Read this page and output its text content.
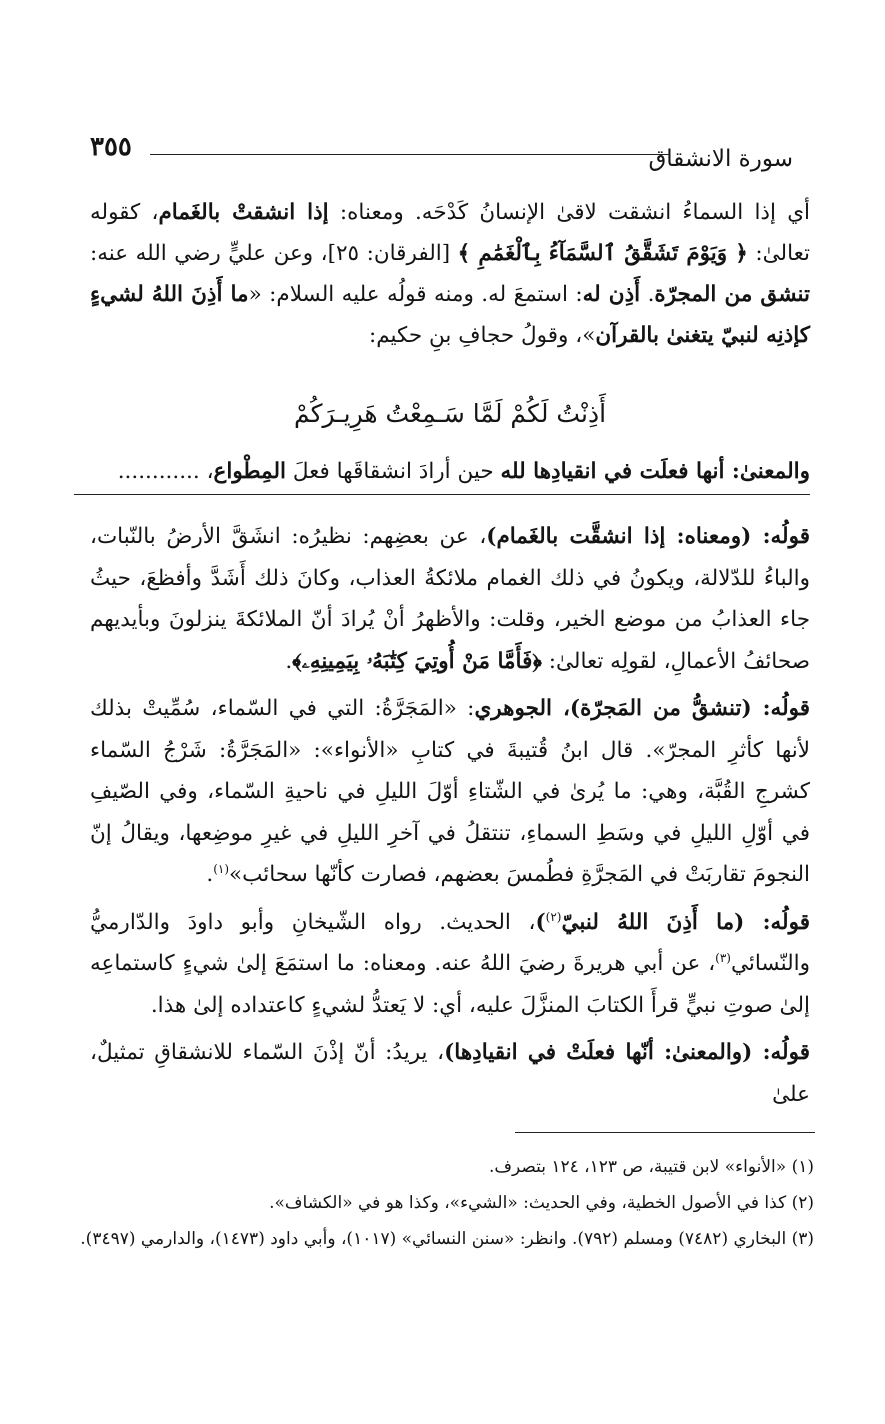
سورة الانشقاق
٣٥٥

أي إذا السماءُ انشقت لاقىٰ الإنسانُ كَدْحَه. ومعناه: إذا انشقتْ بالغَمام، كقوله تعالىٰ: ﴿ وَيَوْمَ تَشَقَّقُ ٱلسَّمَآءُ بِٱلْغَمَٰمِ ﴾ [الفرقان: ٢٥]، وعن عليٍّ رضي الله عنه: تنشق من المجرّة. أَذِن له: استمعَ له. ومنه قولُه عليه السلام: «ما أَذِنَ اللهُ لشيءٍ كإذنِه لنبيّ يتغنىٰ بالقرآن»، وقولُ حجافِ بنِ حكيم:

أَذِنْتُ لَكُمْ لَمَّا سَـمِعْتُ هَرِيـرَكُمْ
والمعنىٰ: أنها فعلَت في انقيادِها لله حين أرادَ انشقاقَها فعلَ المِطْواع، ............

قولُه: (ومعناه: إذا انشقَّت بالغَمام)، عن بعضِهم: نظيرُه: انشَقَّ الأرضُ بالنّبات، والباءُ للدّلالة، ويكونُ في ذلك الغمام ملائكةُ العذاب، وكانَ ذلك أَشَدَّ وأفظعَ، حيثُ جاء العذابُ من موضع الخير، وقلت: والأظهرُ أنْ يُرادَ أنّ الملائكةَ ينزلونَ وبأيديهم صحائفُ الأعمالِ، لقولِه تعالىٰ: ﴿فَأَمَّا مَنْ أُوتِيَ كِتَٰبَهُۥ بِيَمِينِهِۦ﴾.

قولُه: (تنشقُّ من المَجرّة)، الجوهري: «المَجَرَّةُ: التي في السّماء، سُمِّيتْ بذلك لأنها كأثرِ المجرّ». قال ابنُ قُتيبةَ في كتابِ «الأنواء»: «المَجَرَّةُ: شَرْجُ السّماء كشرجِ القُبَّة، وهي: ما يُرىٰ في الشّتاءِ أوّلَ الليلِ في ناحيةِ السّماء، وفي الصّيفِ في أوّلِ الليلِ في وسَطِ السماءِ، تنتقلُ في آخرِ الليلِ في غيرِ موضِعها، ويقالُ إنّ النجومَ تقاربَتْ في المَجرَّةِ فطُمسَ بعضهم، فصارت كأنّها سحائب»$^{(١)}$.

قولُه: (ما أَذِنَ اللهُ لنبيّ$^{(٢)}$)، الحديث. رواه الشّيخانِ وأبو داودَ والدّارميُّ والنّسائي$^{(٣)}$، عن أبي هريرةَ رضيَ اللهُ عنه. ومعناه: ما استمَعَ إلىٰ شيءٍ كاستماعِه إلىٰ صوتِ نبيٍّ قرأَ الكتابَ المنزَّلَ عليه، أي: لا يَعتدُّ لشيءٍ كاعتداده إلىٰ هذا.

قولُه: (والمعنىٰ: أنّها فعلَتْ في انقيادِها)، يريدُ: أنّ إذْنَ السّماء للانشقاقِ تمثيلٌ، علىٰ

(١) «الأنواء» لابن قتيبة، ص ١٢٣، ١٢٤ بتصرف.

(٢) كذا في الأصول الخطية، وفي الحديث: «الشيء»، وكذا هو في «الكشاف».

(٣) البخاري (٧٤٨٢) ومسلم (٧٩٢). وانظر: «سنن النسائي» (١٠١٧)، وأبي داود (١٤٧٣)، والدارمي (٣٤٩٧).
